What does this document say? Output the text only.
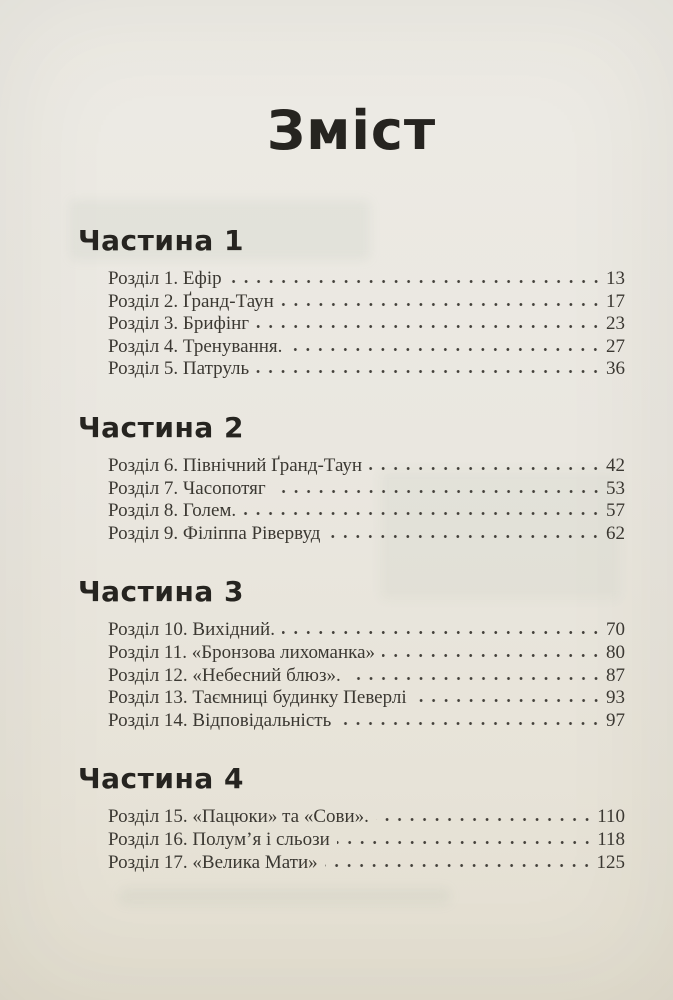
Зміст
Частина 1
Розділ 1. Ефір	13
Розділ 2. Ґранд-Таун	17
Розділ 3. Брифінг	23
Розділ 4. Тренування.	27
Розділ 5. Патруль	36
Частина 2
Розділ 6. Північний Ґранд-Таун	42
Розділ 7. Часопотяг	53
Розділ 8. Голем.	57
Розділ 9. Філіппа Рівервуд	62
Частина 3
Розділ 10. Вихідний.	70
Розділ 11. «Бронзова лихоманка»	80
Розділ 12. «Небесний блюз».	87
Розділ 13. Таємниці будинку Певерлі	93
Розділ 14. Відповідальність	97
Частина 4
Розділ 15. «Пацюки» та «Сови».	110
Розділ 16. Полум’я і сльози	118
Розділ 17. «Велика Мати»	125
